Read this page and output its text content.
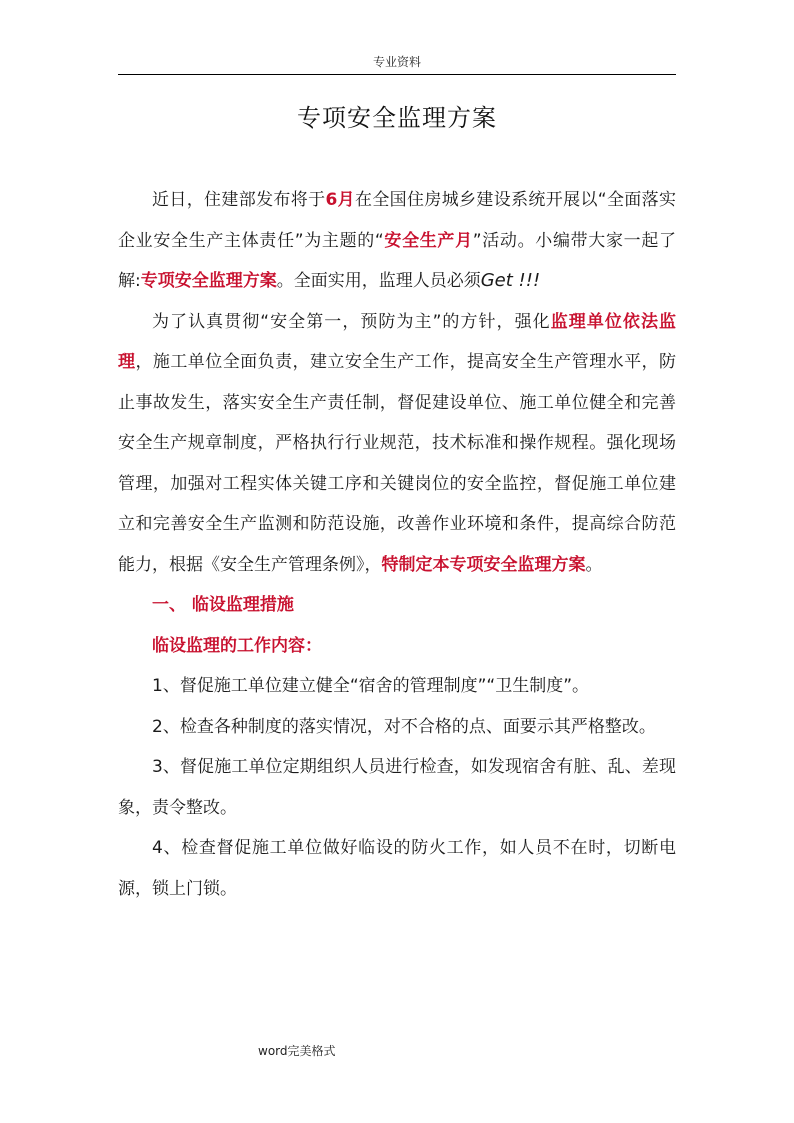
专业资料
专项安全监理方案

近日，住建部发布将于6月在全国住房城乡建设系统开展以“全面落实企业安全生产主体责任”为主题的“安全生产月”活动。小编带大家一起了解:专项安全监理方案。全面实用，监理人员必须Get !!!

为了认真贯彻“安全第一，预防为主”的方针，强化监理单位依法监理，施工单位全面负责，建立安全生产工作，提高安全生产管理水平，防止事故发生，落实安全生产责任制，督促建设单位、施工单位健全和完善安全生产规章制度，严格执行行业规范，技术标准和操作规程。强化现场管理，加强对工程实体关键工序和关键岗位的安全监控，督促施工单位建立和完善安全生产监测和防范设施，改善作业环境和条件，提高综合防范能力，根据《安全生产管理条例》，特制定本专项安全监理方案。

一、 临设监理措施

临设监理的工作内容：

1、督促施工单位建立健全“宿舍的管理制度”“卫生制度”。

2、检查各种制度的落实情况，对不合格的点、面要示其严格整改。

3、督促施工单位定期组织人员进行检查，如发现宿舍有脏、乱、差现象，责令整改。

4、检查督促施工单位做好临设的防火工作，如人员不在时，切断电源，锁上门锁。

word完美格式
